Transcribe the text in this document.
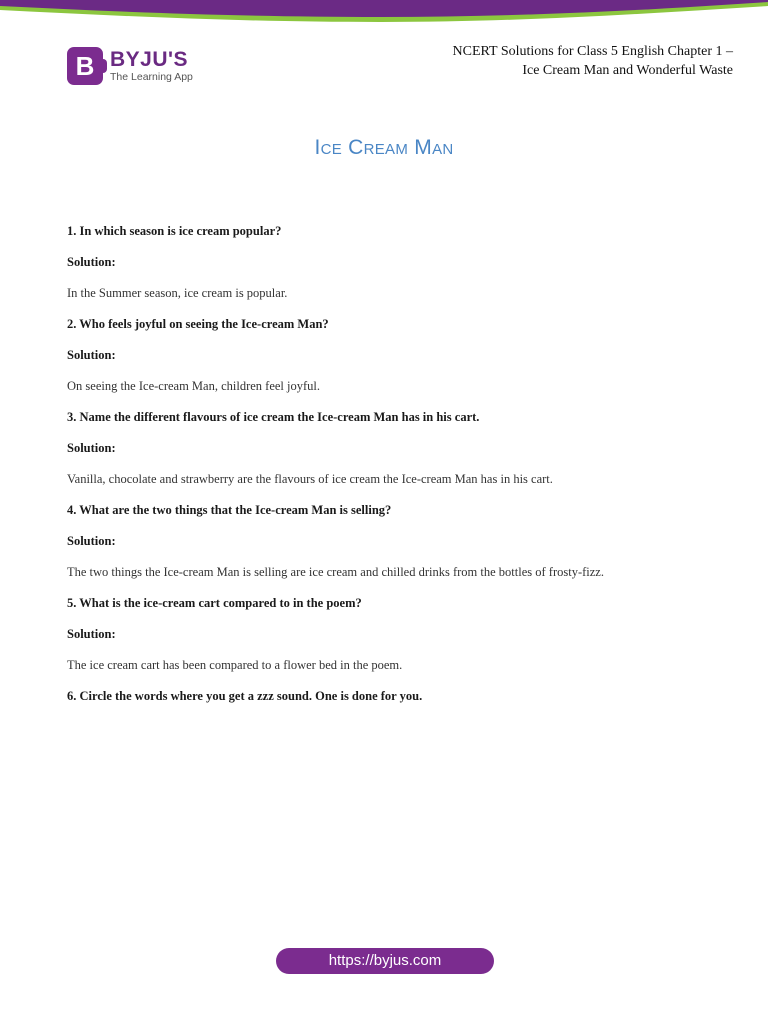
B BYJU'S
The Learning App
NCERT Solutions for Class 5 English Chapter 1 –
Ice Cream Man and Wonderful Waste
Ice Cream Man

1. In which season is ice cream popular?

Solution:

In the Summer season, ice cream is popular.

2. Who feels joyful on seeing the Ice-cream Man?

Solution:

On seeing the Ice-cream Man, children feel joyful.

3. Name the different flavours of ice cream the Ice-cream Man has in his cart.

Solution:

Vanilla, chocolate and strawberry are the flavours of ice cream the Ice-cream Man has in his cart.

4. What are the two things that the Ice-cream Man is selling?

Solution:

The two things the Ice-cream Man is selling are ice cream and chilled drinks from the bottles of frosty-fizz.

5. What is the ice-cream cart compared to in the poem?

Solution:

The ice cream cart has been compared to a flower bed in the poem.

6. Circle the words where you get a zzz sound. One is done for you.

https://byjus.com
